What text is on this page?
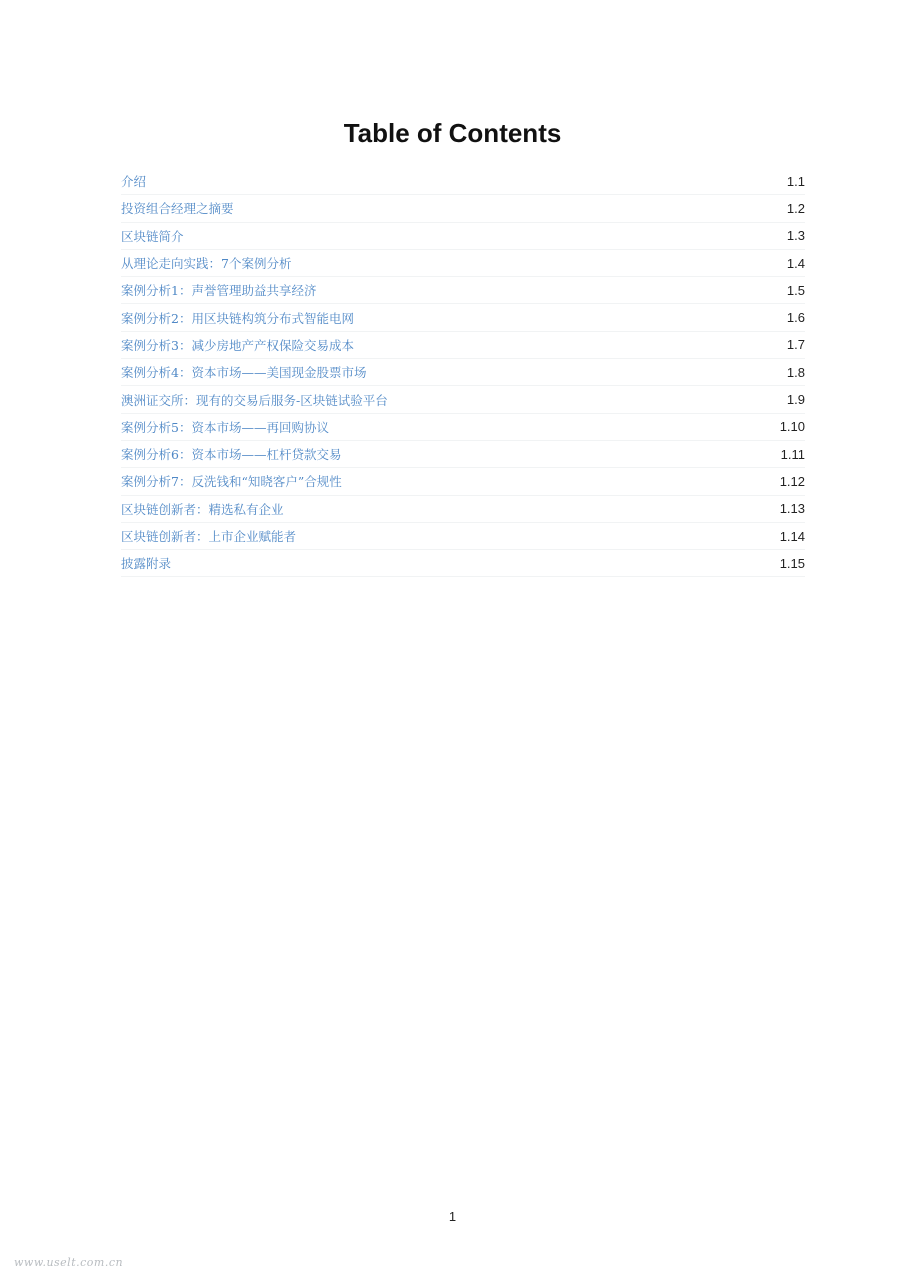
Table of Contents
介绍	1.1
投资组合经理之摘要	1.2
区块链简介	1.3
从理论走向实践：7个案例分析	1.4
案例分析1：声誉管理助益共享经济	1.5
案例分析2：用区块链构筑分布式智能电网	1.6
案例分析3：减少房地产产权保险交易成本	1.7
案例分析4：资本市场——美国现金股票市场	1.8
澳洲证交所：现有的交易后服务-区块链试验平台	1.9
案例分析5：资本市场——再回购协议	1.10
案例分析6：资本市场——杠杆贷款交易	1.11
案例分析7：反洗钱和“知晓客户”合规性	1.12
区块链创新者：精选私有企业	1.13
区块链创新者：上市企业赋能者	1.14
披露附录	1.15
1
www.uselt.com.cn
